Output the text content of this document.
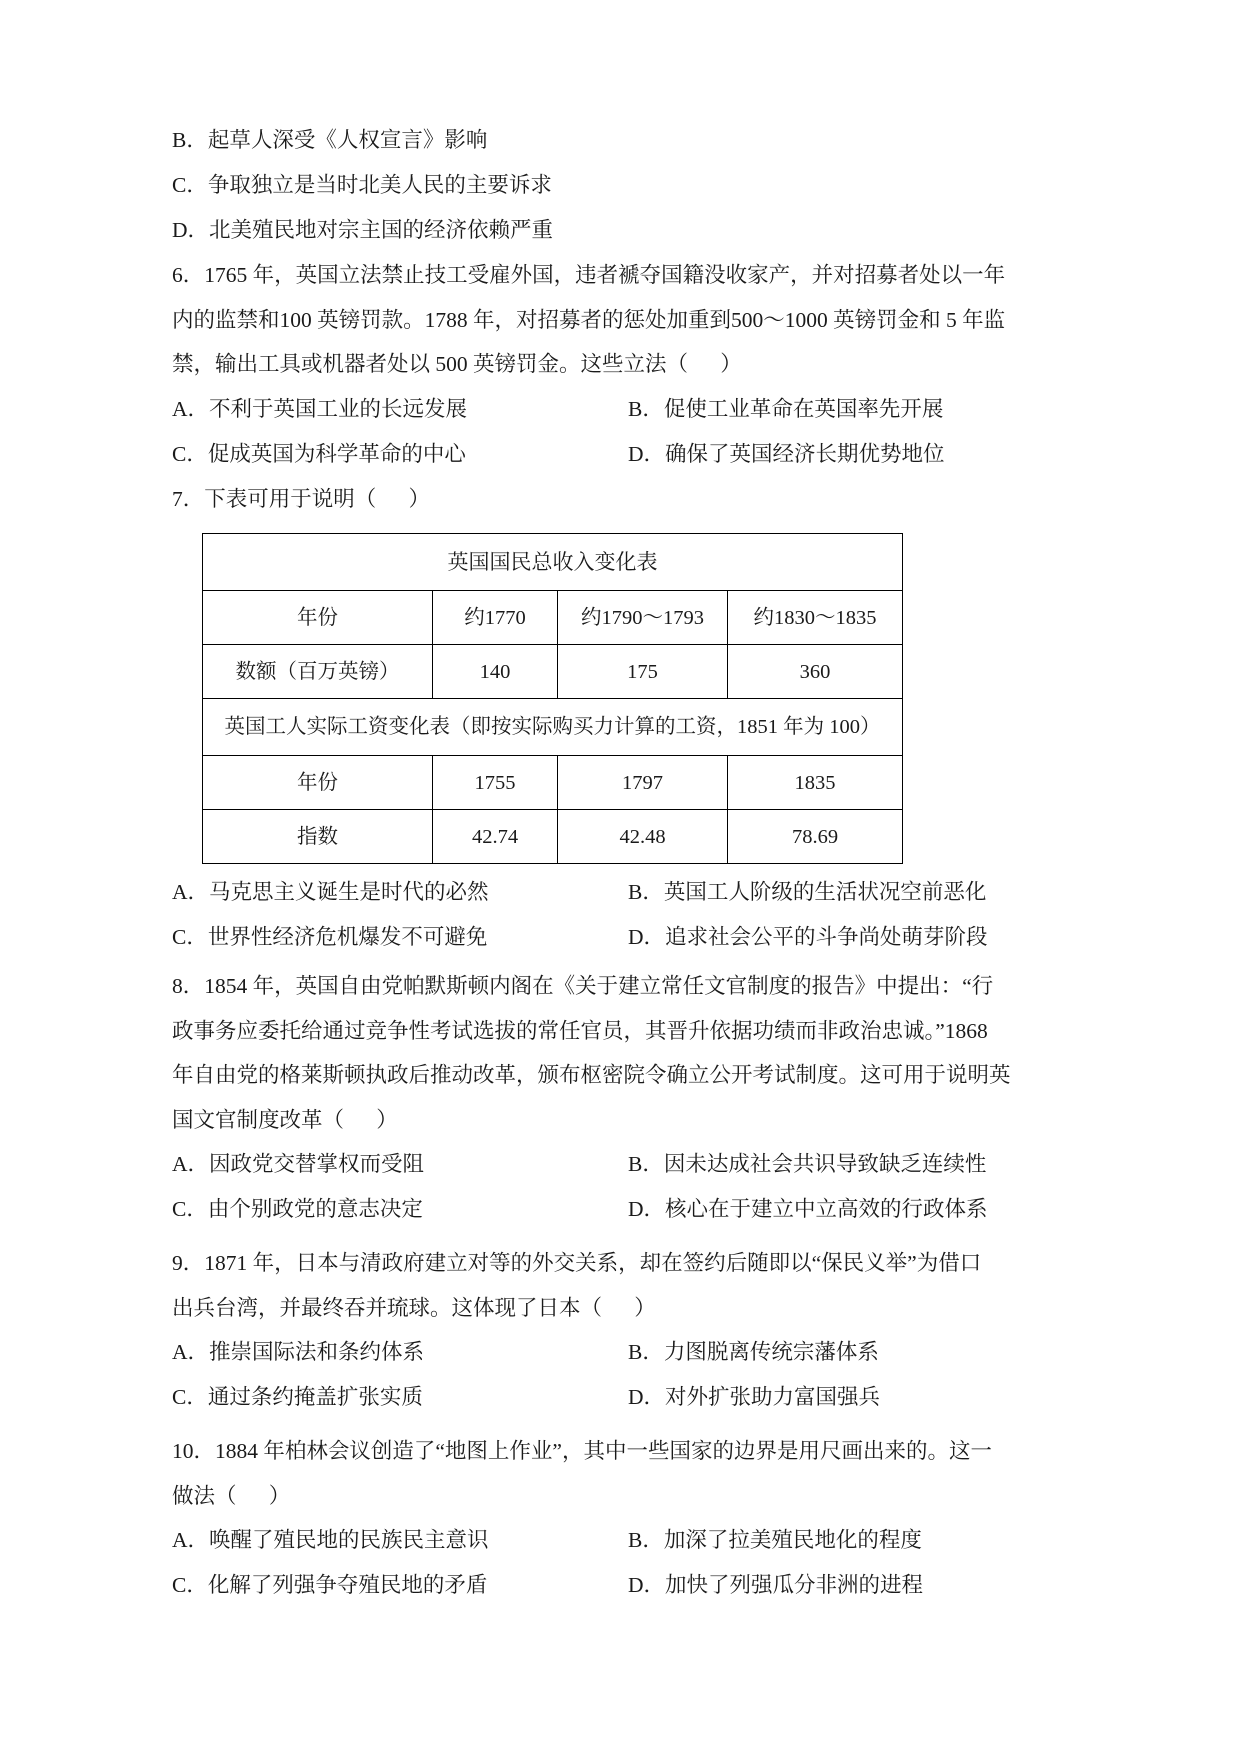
B．起草人深受《人权宣言》影响
C．争取独立是当时北美人民的主要诉求
D．北美殖民地对宗主国的经济依赖严重
6．1765 年，英国立法禁止技工受雇外国，违者褫夺国籍没收家产，并对招募者处以一年
内的监禁和100 英镑罚款。1788 年，对招募者的惩处加重到500～1000 英镑罚金和 5 年监
禁，输出工具或机器者处以 500 英镑罚金。这些立法（      ）
A．不利于英国工业的长远发展	B．促使工业革命在英国率先开展
C．促成英国为科学革命的中心	D．确保了英国经济长期优势地位
7．下表可用于说明（      ）
英国国民总收入变化表			
年份	约1770	约1790～1793	约1830～1835
数额（百万英镑）	140	175	360
英国工人实际工资变化表（即按实际购买力计算的工资，1851 年为 100）			
年份	1755	1797	1835
指数	42.74	42.48	78.69
A．马克思主义诞生是时代的必然	B．英国工人阶级的生活状况空前恶化
C．世界性经济危机爆发不可避免	D．追求社会公平的斗争尚处萌芽阶段
8．1854 年，英国自由党帕默斯顿内阁在《关于建立常任文官制度的报告》中提出：“行
政事务应委托给通过竞争性考试选拔的常任官员，其晋升依据功绩而非政治忠诚。”1868
年自由党的格莱斯顿执政后推动改革，颁布枢密院令确立公开考试制度。这可用于说明英
国文官制度改革（      ）
A．因政党交替掌权而受阻	B．因未达成社会共识导致缺乏连续性
C．由个别政党的意志决定	D．核心在于建立中立高效的行政体系
9．1871 年，日本与清政府建立对等的外交关系，却在签约后随即以“保民义举”为借口
出兵台湾，并最终吞并琉球。这体现了日本（      ）
A．推崇国际法和条约体系	B．力图脱离传统宗藩体系
C．通过条约掩盖扩张实质	D．对外扩张助力富国强兵
10．1884 年柏林会议创造了“地图上作业”，其中一些国家的边界是用尺画出来的。这一
做法（      ）
A．唤醒了殖民地的民族民主意识	B．加深了拉美殖民地化的程度
C．化解了列强争夺殖民地的矛盾	D．加快了列强瓜分非洲的进程
